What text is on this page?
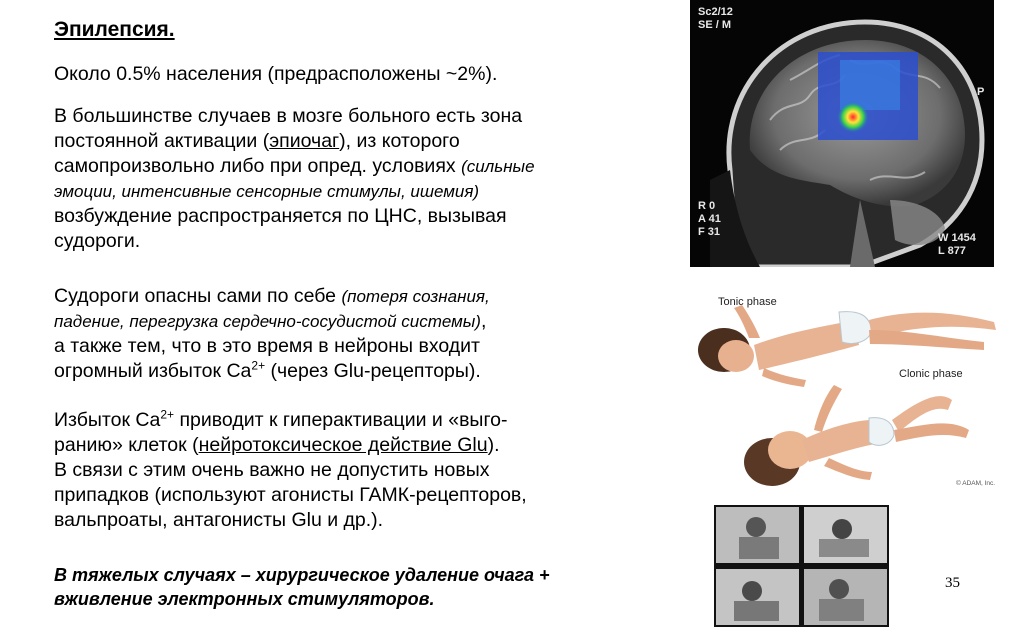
Эпилепсия.
Около 0.5% населения (предрасположены ~2%).
В большинстве случаев в мозге больного есть зона
постоянной активации (эпиочаг), из которого
самопроизвольно либо при опред. условиях (сильные
эмоции, интенсивные сенсорные стимулы, ишемия)
возбуждение распространяется по ЦНС, вызывая
судороги.
Судороги опасны сами по себе (потеря сознания,
падение, перегрузка сердечно-сосудистой системы),
а также тем, что в это время в нейроны входит
огромный избыток $Ca^{2+}$ (через Glu-рецепторы).
Избыток $Ca^{2+}$ приводит к гиперактивации и «выго-
ранию» клеток (нейротоксическое действие Glu).
В связи с этим очень важно не допустить новых
припадков (используют агонисты ГАМК-рецепторов,
вальпроаты, антагонисты Glu и др.).
В тяжелых случаях – хирургическое удаление очага +
вживление электронных стимуляторов.
35
Sc2/12
SE / M
P
R 0
A 41
F 31	W 1454
L 877
Tonic phase
Clonic phase
© ADAM, Inc.
